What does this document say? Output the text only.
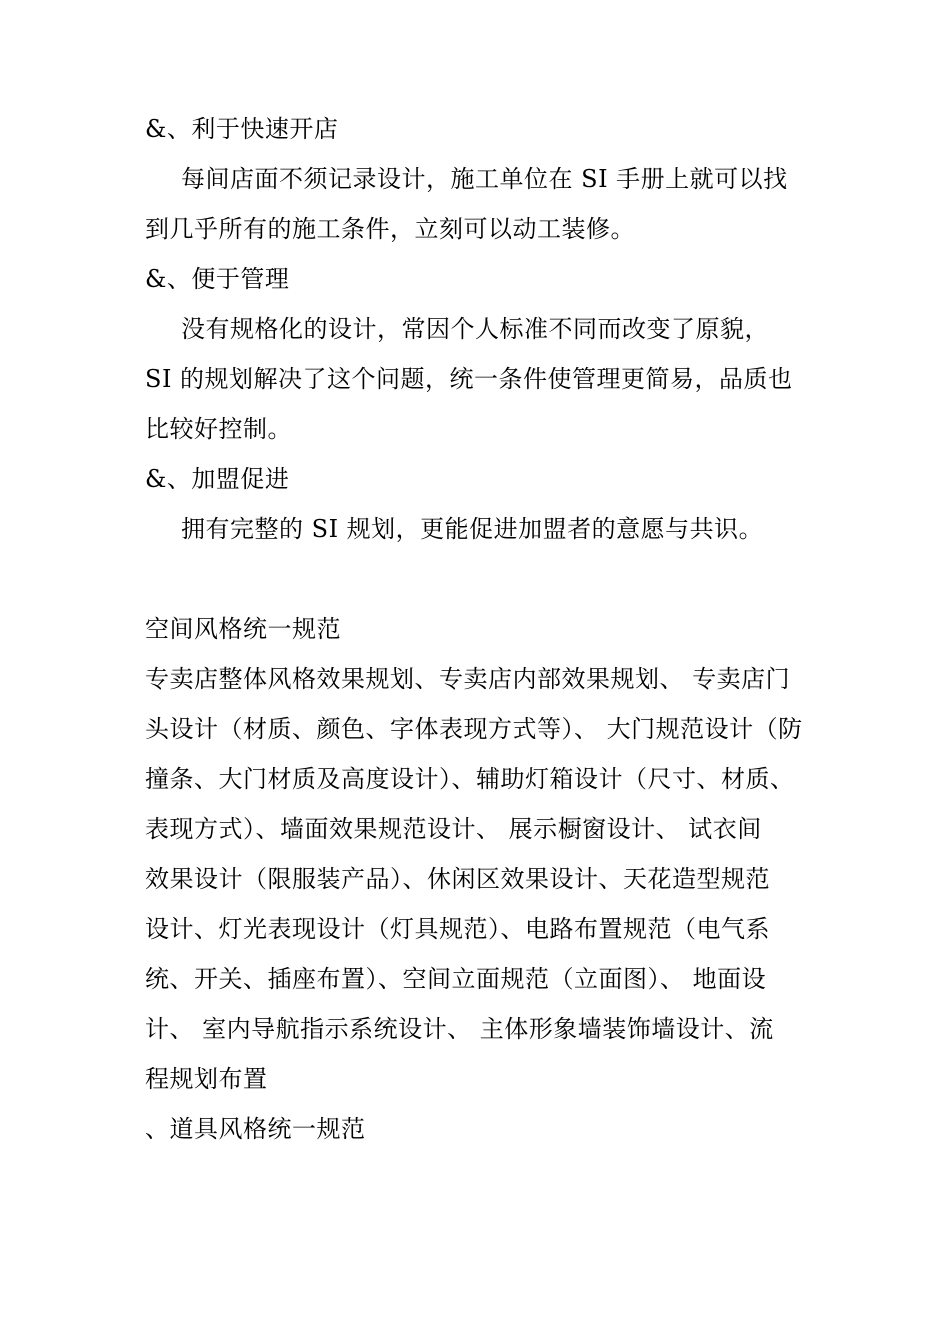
&、利于快速开店
每间店面不须记录设计，施工单位在 SI 手册上就可以找
到几乎所有的施工条件，立刻可以动工装修。
&、便于管理
没有规格化的设计，常因个人标准不同而改变了原貌，
SI 的规划解决了这个问题，统一条件使管理更简易，品质也
比较好控制。
&、加盟促进
拥有完整的 SI 规划，更能促进加盟者的意愿与共识。
空间风格统一规范
专卖店整体风格效果规划、专卖店内部效果规划、 专卖店门
头设计（材质、颜色、字体表现方式等）、 大门规范设计（防
撞条、大门材质及高度设计）、辅助灯箱设计（尺寸、材质、
表现方式）、墙面效果规范设计、 展示橱窗设计、 试衣间
效果设计（限服装产品）、休闲区效果设计、天花造型规范
设计、灯光表现设计（灯具规范）、电路布置规范（电气系
统、开关、插座布置）、空间立面规范（立面图）、 地面设
计、 室内导航指示系统设计、 主体形象墙装饰墙设计、流
程规划布置
、道具风格统一规范
